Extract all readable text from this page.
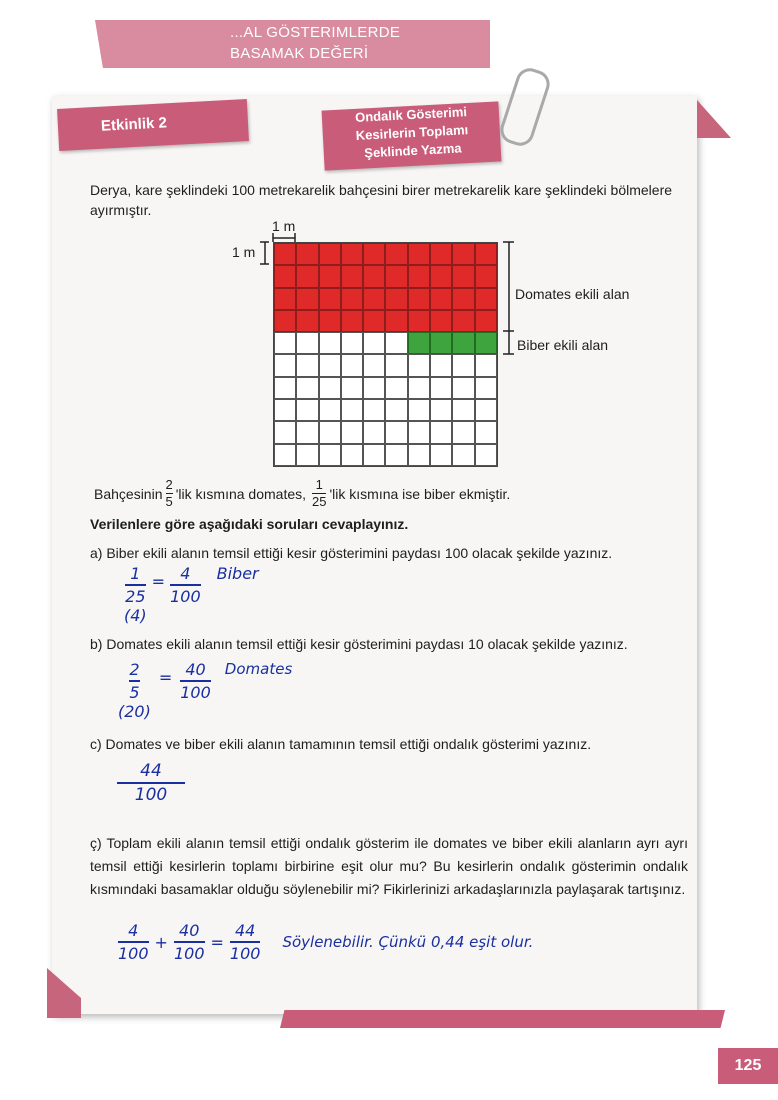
...AL GÖSTERIMLERDE
BASAMAK DEĞERİ
Etkinlik 2	Ondalık Gösterimi
Kesirlerin Toplamı
Şeklinde Yazma
Derya, kare şeklindeki 100 metrekarelik bahçesini birer metrekarelik kare şeklindeki bölmelere ayırmıştır.
1 m
1 m
Domates ekili alan
Biber ekili alan
Bahçesinin $\frac{2}{5}$ 'lik kısmına domates, $\frac{1}{25}$ 'lik kısmına ise biber ekmiştir.
Verilenlere göre aşağıdaki soruları cevaplayınız.
a) Biber ekili alanın temsil ettiği kesir gösterimini paydası 100 olacak şekilde yazınız.
1
25
(4)
= 4
100
Biber
b) Domates ekili alanın temsil ettiği kesir gösterimini paydası 10 olacak şekilde yazınız.
2
5
(20)
= 40
100
Domates
c) Domates ve biber ekili alanın tamamının temsil ettiği ondalık gösterimi yazınız.
$\frac{44}{100}$
ç) Toplam ekili alanın temsil ettiği ondalık gösterim ile domates ve biber ekili alanların ayrı ayrı temsil ettiği kesirlerin toplamı birbirine eşit olur mu? Bu kesirlerin ondalık gösterimin ondalık kısmındaki basamaklar olduğu söylenebilir mi? Fikirlerinizi arkadaşlarınızla paylaşarak tartışınız.
4
100
+
40
100
=
44
100
Söylenebilir. Çünkü 0,44 eşit olur.
125
